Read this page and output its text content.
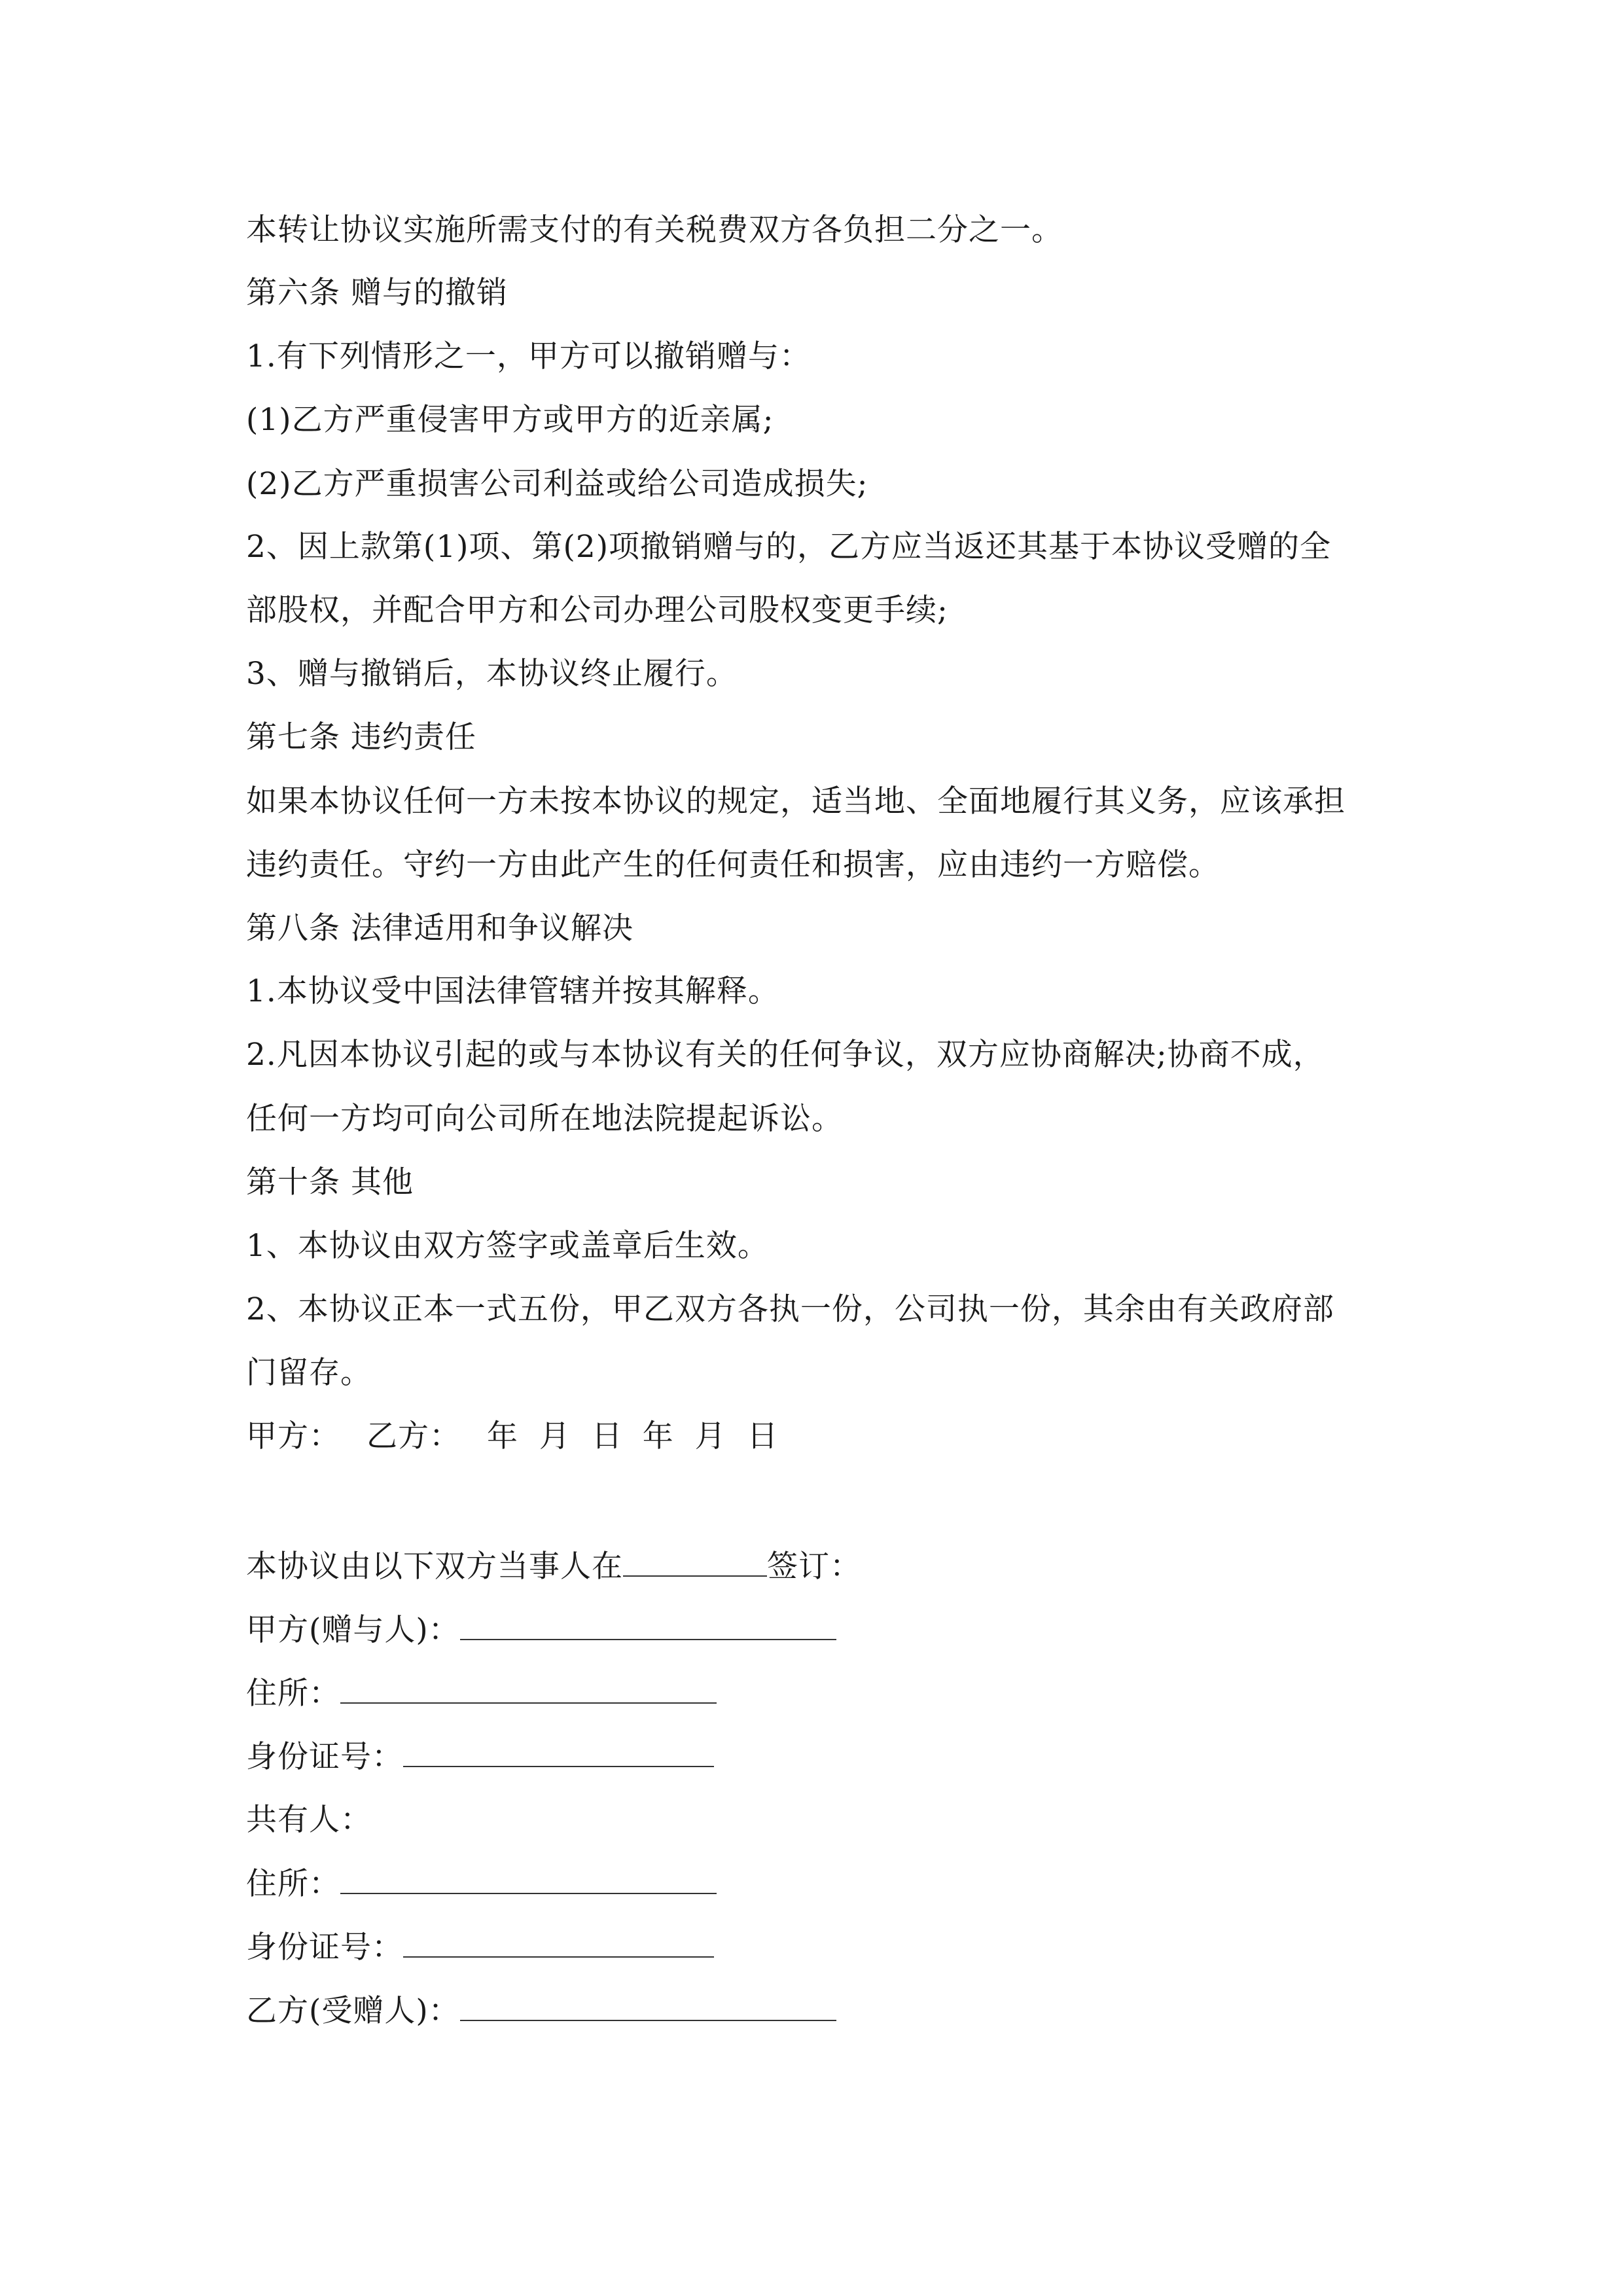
本转让协议实施所需支付的有关税费双方各负担二分之一。
第六条 赠与的撤销
1.有下列情形之一，甲方可以撤销赠与：
(1)乙方严重侵害甲方或甲方的近亲属;
(2)乙方严重损害公司利益或给公司造成损失;
2、因上款第(1)项、第(2)项撤销赠与的，乙方应当返还其基于本协议受赠的全
部股权，并配合甲方和公司办理公司股权变更手续;
3、赠与撤销后，本协议终止履行。
第七条 违约责任
如果本协议任何一方未按本协议的规定，适当地、全面地履行其义务，应该承担
违约责任。守约一方由此产生的任何责任和损害，应由违约一方赔偿。
第八条 法律适用和争议解决
1.本协议受中国法律管辖并按其解释。
2.凡因本协议引起的或与本协议有关的任何争议，双方应协商解决;协商不成，
任何一方均可向公司所在地法院提起诉讼。
第十条 其他
1、本协议由双方签字或盖章后生效。
2、本协议正本一式五份，甲乙双方各执一份，公司执一份，其余由有关政府部
门留存。
甲方： 乙方： 年  月  日 年  月  日
本协议由以下双方当事人在	签订：
甲方(赠与人)：
住所：
身份证号：
共有人：
住所：
身份证号：
乙方(受赠人)：
